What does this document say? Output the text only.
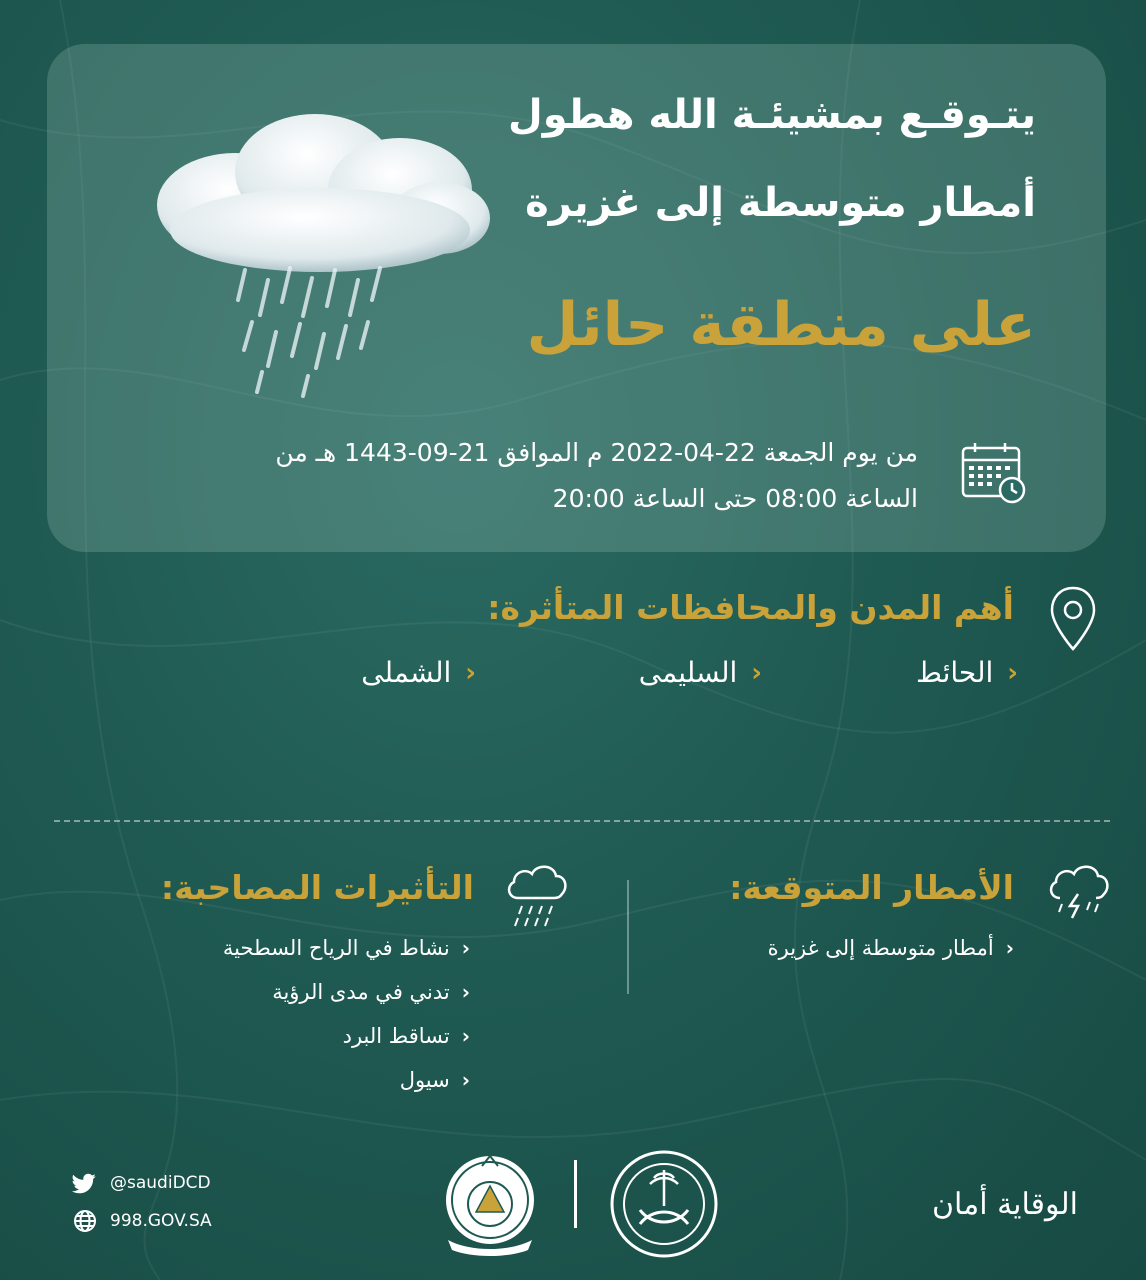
يتـوقـع بمشيئـة الله هطول
أمطار متوسطة إلى غزيرة
على منطقة حائل
من يوم الجمعة 22-04-2022 م الموافق 21-09-1443 هـ من
الساعة 08:00 حتى الساعة 20:00
أهم المدن والمحافظات المتأثرة:
‹
الحائط
‹
السليمى
‹
الشملى
الأمطار المتوقعة:
‹
أمطار متوسطة إلى غزيرة
التأثيرات المصاحبة:
‹
نشاط في الرياح السطحية
‹
تدني في مدى الرؤية
‹
تساقط البرد
‹
سيول
@saudiDCD
998.GOV.SA	الوقاية أمان
